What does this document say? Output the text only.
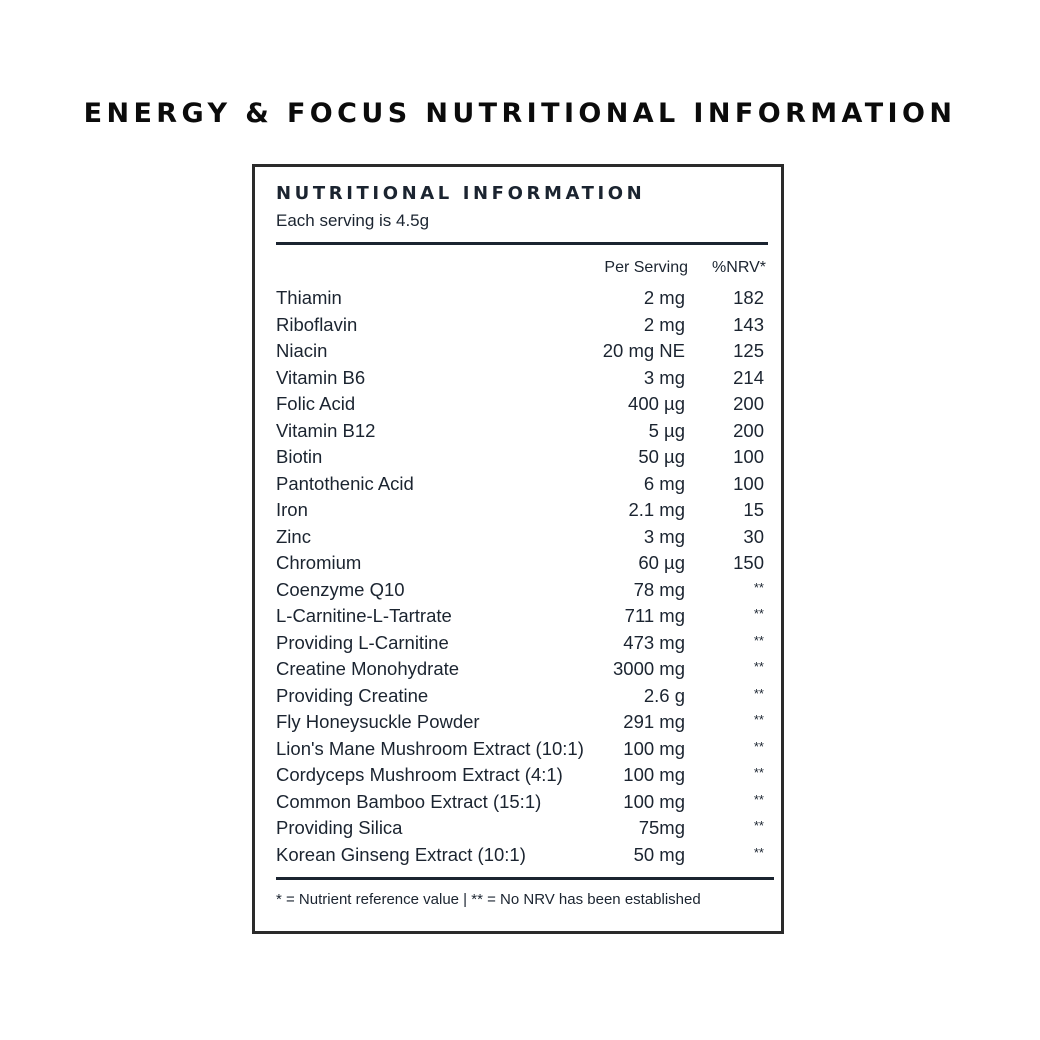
ENERGY & FOCUS NUTRITIONAL INFORMATION
NUTRITIONAL INFORMATION
Each serving is 4.5g
Per Serving %NRV*
Thiamin	2 mg	182
Riboflavin	2 mg	143
Niacin	20 mg NE	125
Vitamin B6	3 mg	214
Folic Acid	400 µg	200
Vitamin B12	5 µg	200
Biotin	50 µg	100
Pantothenic Acid	6 mg	100
Iron	2.1 mg	15
Zinc	3 mg	30
Chromium	60 µg	150
Coenzyme Q10	78 mg	**
L-Carnitine-L-Tartrate	711 mg	**
Providing L-Carnitine	473 mg	**
Creatine Monohydrate	3000 mg	**
Providing Creatine	2.6 g	**
Fly Honeysuckle Powder	291 mg	**
Lion's Mane Mushroom Extract (10:1) 100 mg	**
Cordyceps Mushroom Extract (4:1)	100 mg	**
Common Bamboo Extract (15:1)	100 mg	**
Providing Silica	75mg	**
Korean Ginseng Extract (10:1)	50 mg	**
* = Nutrient reference value | ** = No NRV has been established
